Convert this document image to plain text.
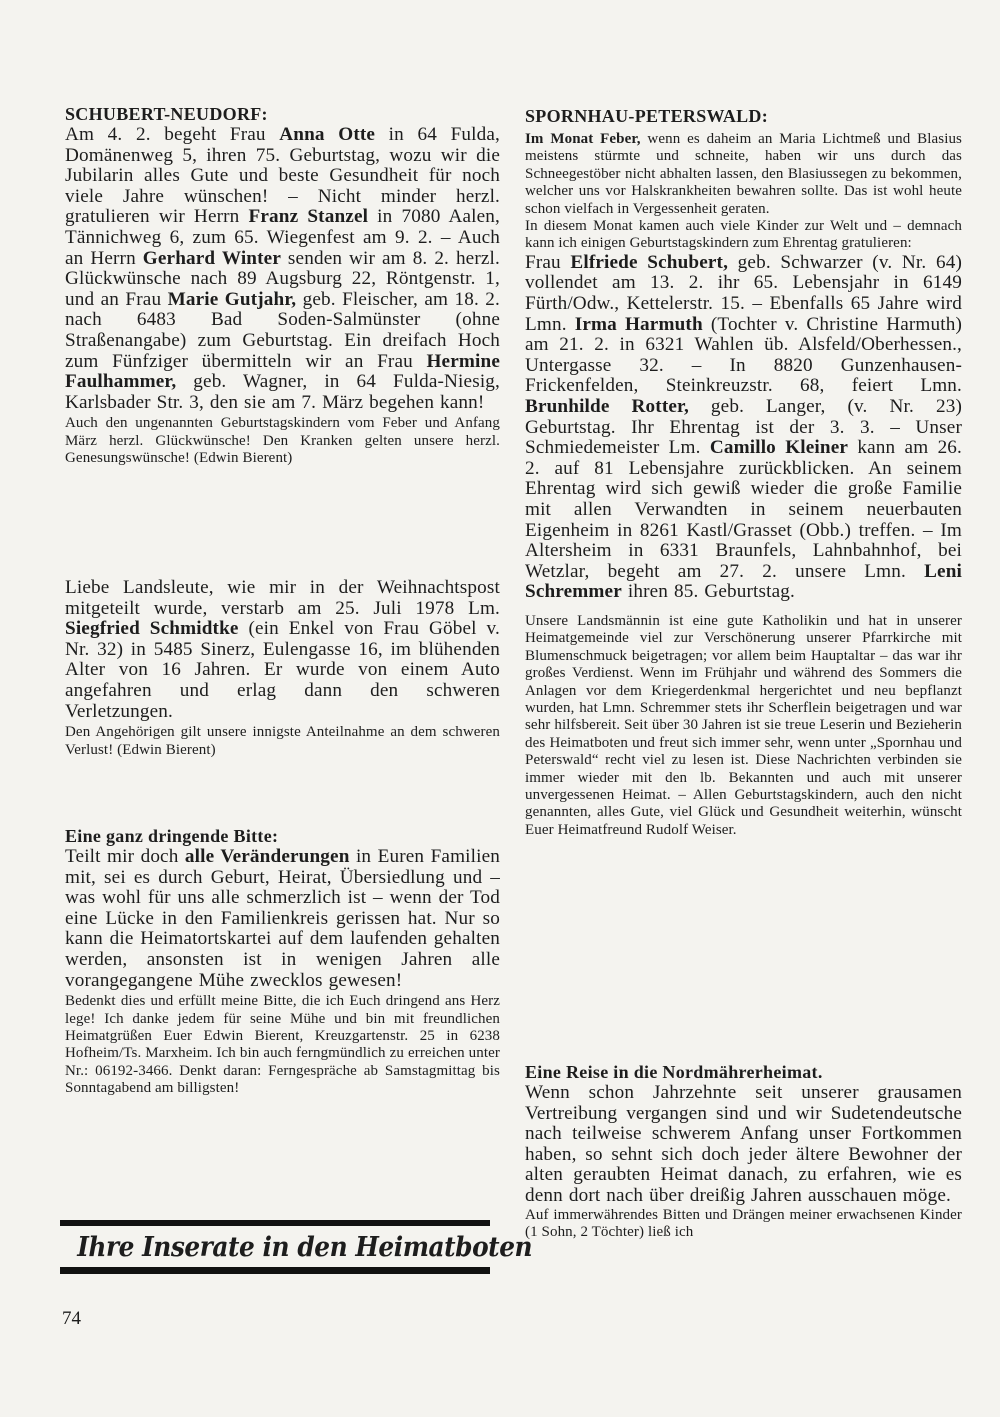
SCHUBERT-NEUDORF:

Am 4. 2. begeht Frau Anna Otte in 64 Fulda, Domänenweg 5, ihren 75. Geburtstag, wozu wir die Jubilarin alles Gute und beste Gesundheit für noch viele Jahre wünschen! – Nicht minder herzl. gratulieren wir Herrn Franz Stanzel in 7080 Aalen, Tännichweg 6, zum 65. Wiegenfest am 9. 2. – Auch an Herrn Gerhard Winter senden wir am 8. 2. herzl. Glückwünsche nach 89 Augsburg 22, Röntgenstr. 1, und an Frau Marie Gutjahr, geb. Fleischer, am 18. 2. nach 6483 Bad Soden-Salmünster (ohne Straßenangabe) zum Geburtstag. Ein dreifach Hoch zum Fünfziger übermitteln wir an Frau Hermine Faulhammer, geb. Wagner, in 64 Fulda-Niesig, Karlsbader Str. 3, den sie am 7. März begehen kann!

Auch den ungenannten Geburtstagskindern vom Feber und Anfang März herzl. Glückwünsche! Den Kranken gelten unsere herzl. Genesungswünsche! (Edwin Bierent)

Liebe Landsleute, wie mir in der Weihnachtspost mitgeteilt wurde, verstarb am 25. Juli 1978 Lm. Siegfried Schmidtke (ein Enkel von Frau Göbel v. Nr. 32) in 5485 Sinerz, Eulengasse 16, im blühenden Alter von 16 Jahren. Er wurde von einem Auto angefahren und erlag dann den schweren Verletzungen.

Den Angehörigen gilt unsere innigste Anteilnahme an dem schweren Verlust! (Edwin Bierent)

Eine ganz dringende Bitte:

Teilt mir doch alle Veränderungen in Euren Familien mit, sei es durch Geburt, Heirat, Übersiedlung und – was wohl für uns alle schmerzlich ist – wenn der Tod eine Lücke in den Familienkreis gerissen hat. Nur so kann die Heimatortskartei auf dem laufenden gehalten werden, ansonsten ist in wenigen Jahren alle vorangegangene Mühe zwecklos gewesen!

Bedenkt dies und erfüllt meine Bitte, die ich Euch dringend ans Herz lege! Ich danke jedem für seine Mühe und bin mit freundlichen Heimatgrüßen Euer Edwin Bierent, Kreuzgartenstr. 25 in 6238 Hofheim/Ts. Marxheim. Ich bin auch ferngmündlich zu erreichen unter Nr.: 06192-3466. Denkt daran: Ferngespräche ab Samstagmittag bis Sonntagabend am billigsten!

Ihre Inserate in den Heimatboten
74

SPORNHAU-PETERSWALD:

Im Monat Feber, wenn es daheim an Maria Lichtmeß und Blasius meistens stürmte und schneite, haben wir uns durch das Schneegestöber nicht abhalten lassen, den Blasiussegen zu bekommen, welcher uns vor Halskrankheiten bewahren sollte. Das ist wohl heute schon vielfach in Vergessenheit geraten.

In diesem Monat kamen auch viele Kinder zur Welt und – demnach kann ich einigen Geburtstagskindern zum Ehrentag gratulieren:

Frau Elfriede Schubert, geb. Schwarzer (v. Nr. 64) vollendet am 13. 2. ihr 65. Lebensjahr in 6149 Fürth/Odw., Kettelerstr. 15. – Ebenfalls 65 Jahre wird Lmn. Irma Harmuth (Tochter v. Christine Harmuth) am 21. 2. in 6321 Wahlen üb. Alsfeld/Oberhessen., Untergasse 32. – In 8820 Gunzenhausen-Frickenfelden, Steinkreuzstr. 68, feiert Lmn. Brunhilde Rotter, geb. Langer, (v. Nr. 23) Geburtstag. Ihr Ehrentag ist der 3. 3. – Unser Schmiedemeister Lm. Camillo Kleiner kann am 26. 2. auf 81 Lebensjahre zurückblicken. An seinem Ehrentag wird sich gewiß wieder die große Familie mit allen Verwandten in seinem neuerbauten Eigenheim in 8261 Kastl/Grasset (Obb.) treffen. – Im Altersheim in 6331 Braunfels, Lahnbahnhof, bei Wetzlar, begeht am 27. 2. unsere Lmn. Leni Schremmer ihren 85. Geburtstag.

Unsere Landsmännin ist eine gute Katholikin und hat in unserer Heimatgemeinde viel zur Verschönerung unserer Pfarrkirche mit Blumenschmuck beigetragen; vor allem beim Hauptaltar – das war ihr großes Verdienst. Wenn im Frühjahr und während des Sommers die Anlagen vor dem Kriegerdenkmal hergerichtet und neu bepflanzt wurden, hat Lmn. Schremmer stets ihr Scherflein beigetragen und war sehr hilfsbereit. Seit über 30 Jahren ist sie treue Leserin und Bezieherin des Heimatboten und freut sich immer sehr, wenn unter „Spornhau und Peterswald“ recht viel zu lesen ist. Diese Nachrichten verbinden sie immer wieder mit den lb. Bekannten und auch mit unserer unvergessenen Heimat. – Allen Geburtstagskindern, auch den nicht genannten, alles Gute, viel Glück und Gesundheit weiterhin, wünscht Euer Heimatfreund Rudolf Weiser.

Eine Reise in die Nordmährerheimat.

Wenn schon Jahrzehnte seit unserer grausamen Vertreibung vergangen sind und wir Sudetendeutsche nach teilweise schwerem Anfang unser Fortkommen haben, so sehnt sich doch jeder ältere Bewohner der alten geraubten Heimat danach, zu erfahren, wie es denn dort nach über dreißig Jahren ausschauen möge.

Auf immerwährendes Bitten und Drängen meiner erwachsenen Kinder (1 Sohn, 2 Töchter) ließ ich
